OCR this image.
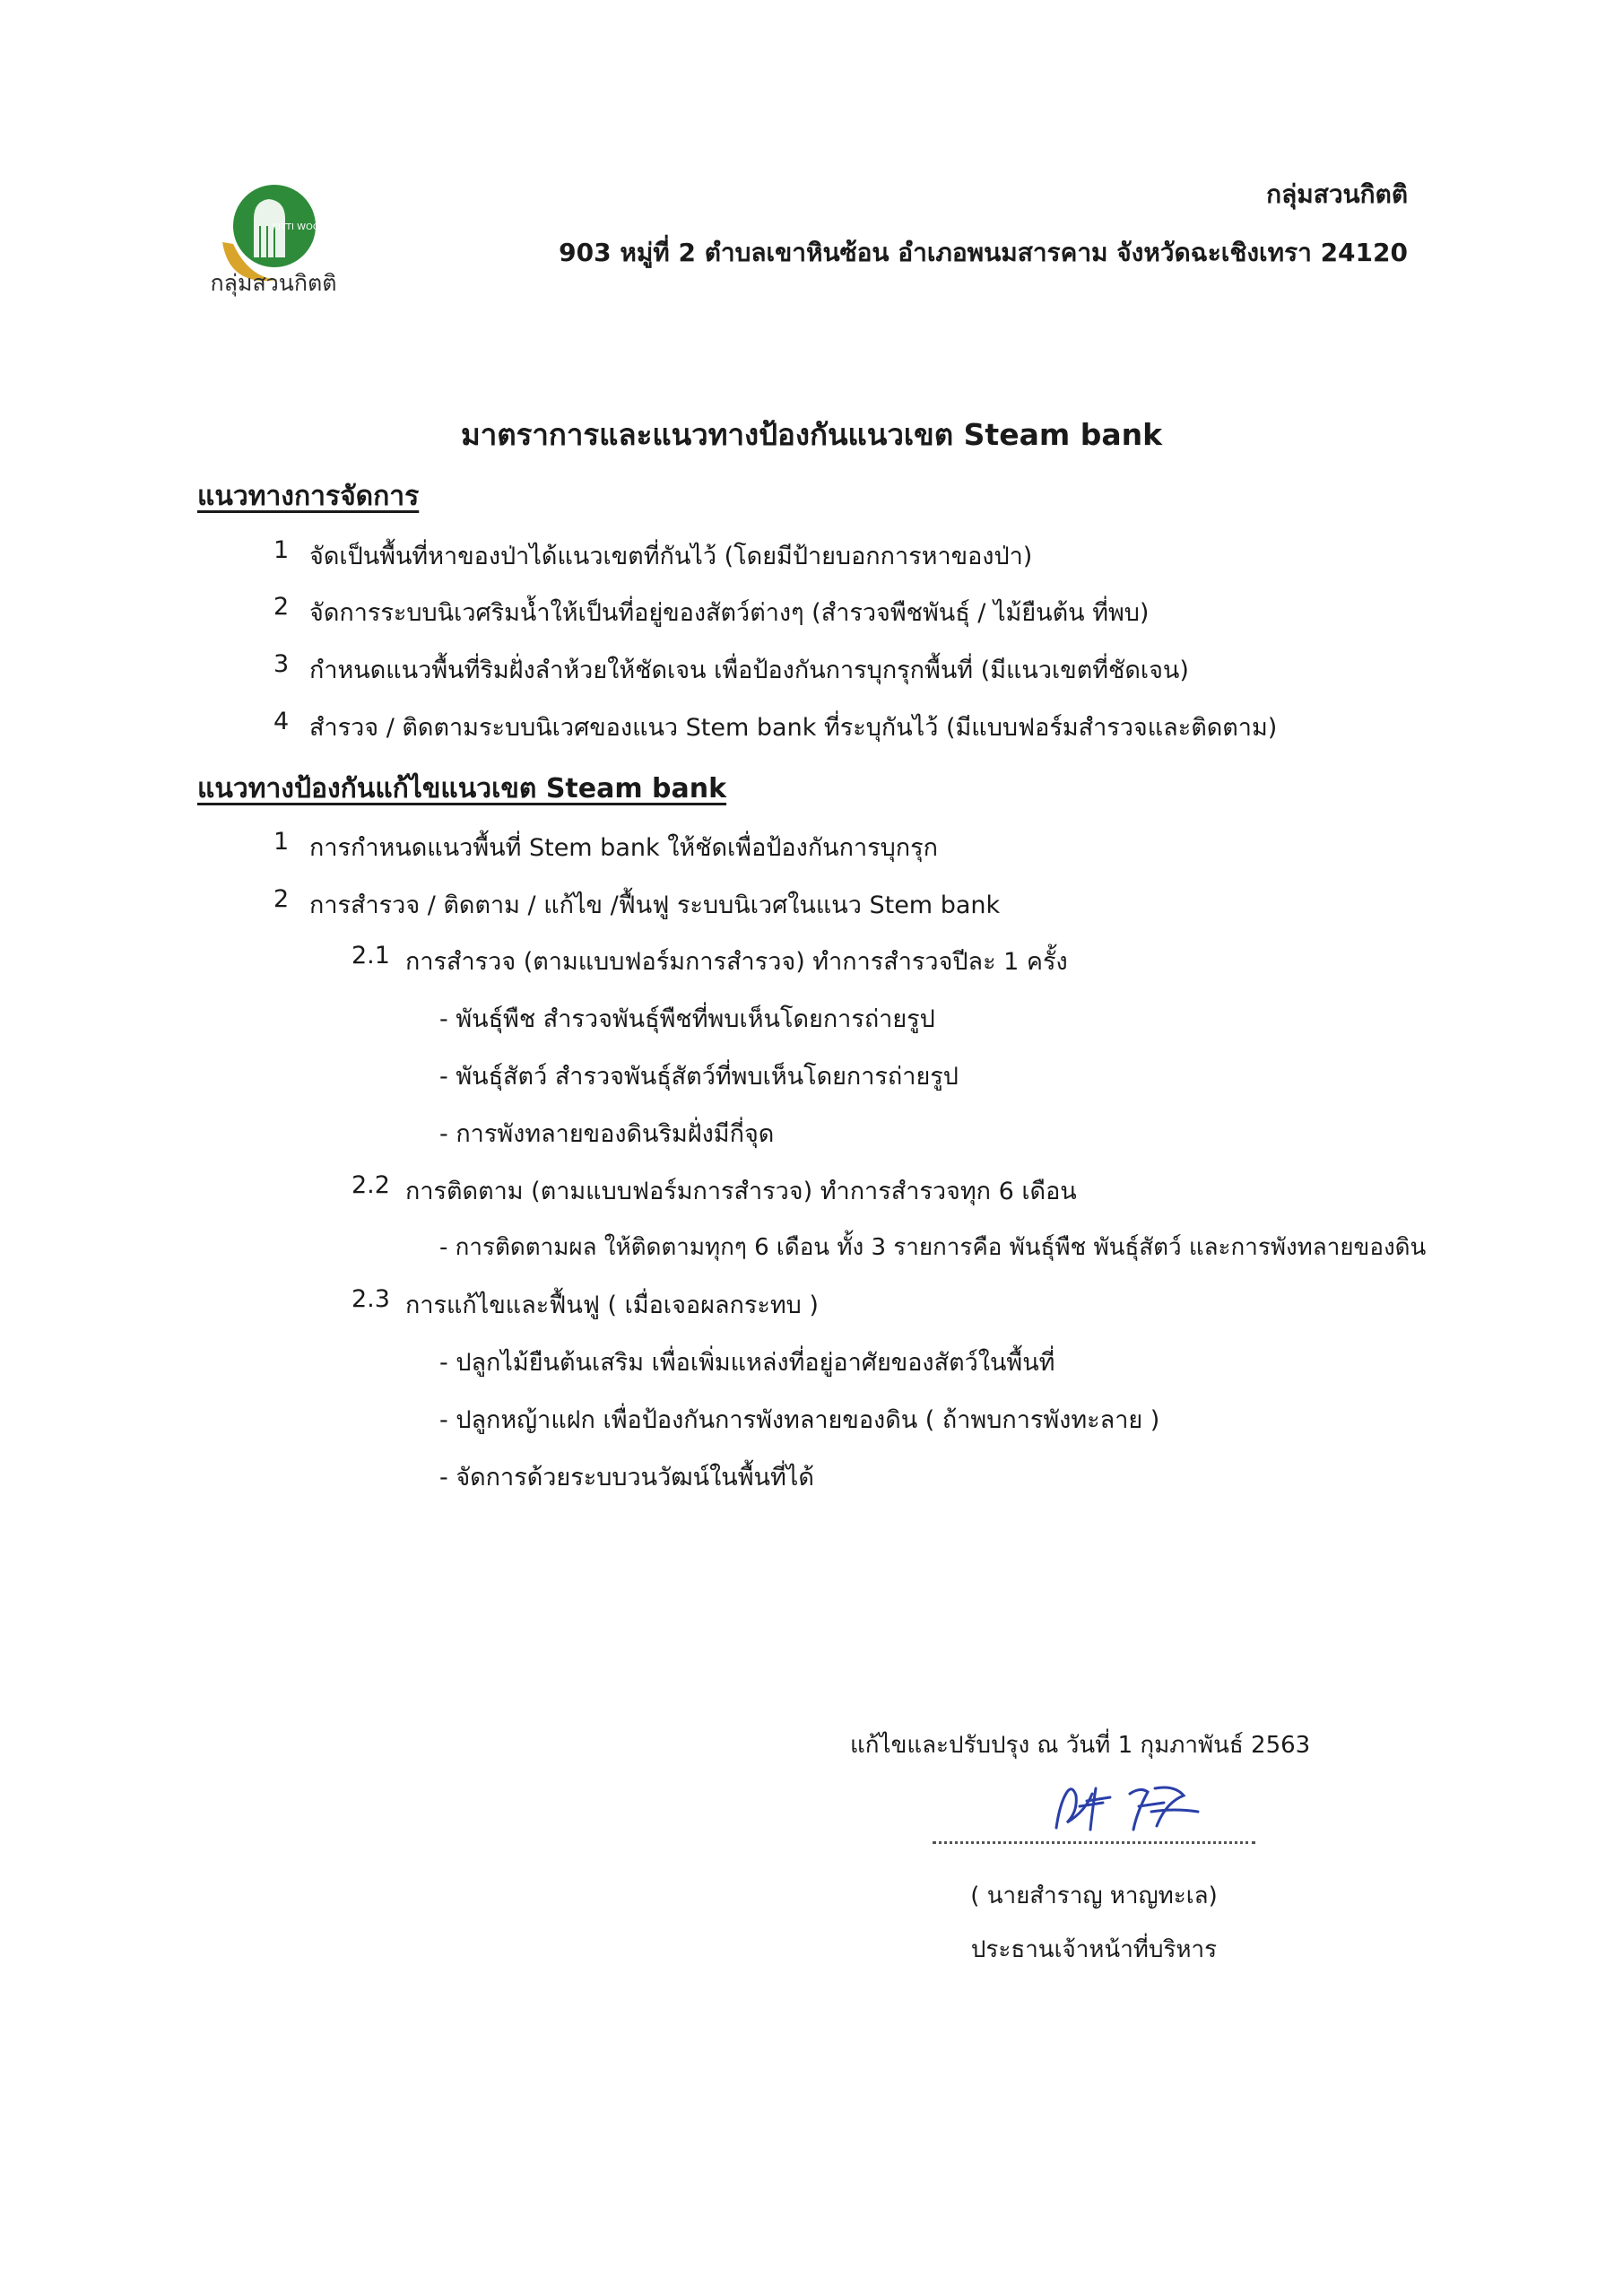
KITTI WOOD
กลุ่มสวนกิตติ
กลุ่มสวนกิตติ
903 หมู่ที่ 2 ตำบลเขาหินซ้อน อำเภอพนมสารคาม จังหวัดฉะเชิงเทรา 24120
มาตราการและแนวทางป้องกันแนวเขต Steam bank
แนวทางการจัดการ
1 จัดเป็นพื้นที่หาของป่าได้แนวเขตที่กันไว้ (โดยมีป้ายบอกการหาของป่า)
2 จัดการระบบนิเวศริมน้ำให้เป็นที่อยู่ของสัตว์ต่างๆ (สำรวจพืชพันธุ์ / ไม้ยืนต้น ที่พบ)
3 กำหนดแนวพื้นที่ริมฝั่งลำห้วยให้ชัดเจน เพื่อป้องกันการบุกรุกพื้นที่ (มีแนวเขตที่ชัดเจน)
4 สำรวจ / ติดตามระบบนิเวศของแนว Stem bank ที่ระบุกันไว้ (มีแบบฟอร์มสำรวจและติดตาม)
แนวทางป้องกันแก้ไขแนวเขต Steam bank
1 การกำหนดแนวพื้นที่ Stem bank ให้ชัดเพื่อป้องกันการบุกรุก
2 การสำรวจ / ติดตาม / แก้ไข /ฟื้นฟู ระบบนิเวศในแนว Stem bank
2.1 การสำรวจ (ตามแบบฟอร์มการสำรวจ) ทำการสำรวจปีละ 1 ครั้ง
- พันธุ์พืช สำรวจพันธุ์พืชที่พบเห็นโดยการถ่ายรูป
- พันธุ์สัตว์ สำรวจพันธุ์สัตว์ที่พบเห็นโดยการถ่ายรูป
- การพังทลายของดินริมฝั่งมีกี่จุด
2.2 การติดตาม (ตามแบบฟอร์มการสำรวจ) ทำการสำรวจทุก 6 เดือน
- การติดตามผล ให้ติดตามทุกๆ 6 เดือน ทั้ง 3 รายการคือ พันธุ์พืช พันธุ์สัตว์ และการพังทลายของดิน
2.3 การแก้ไขและฟื้นฟู ( เมื่อเจอผลกระทบ )
- ปลูกไม้ยืนต้นเสริม เพื่อเพิ่มแหล่งที่อยู่อาศัยของสัตว์ในพื้นที่
- ปลูกหญ้าแฝก เพื่อป้องกันการพังทลายของดิน ( ถ้าพบการพังทะลาย )
- จัดการด้วยระบบวนวัฒน์ในพื้นที่ได้
แก้ไขและปรับปรุง ณ วันที่ 1 กุมภาพันธ์ 2563
( นายสำราญ หาญทะเล)
ประธานเจ้าหน้าที่บริหาร
